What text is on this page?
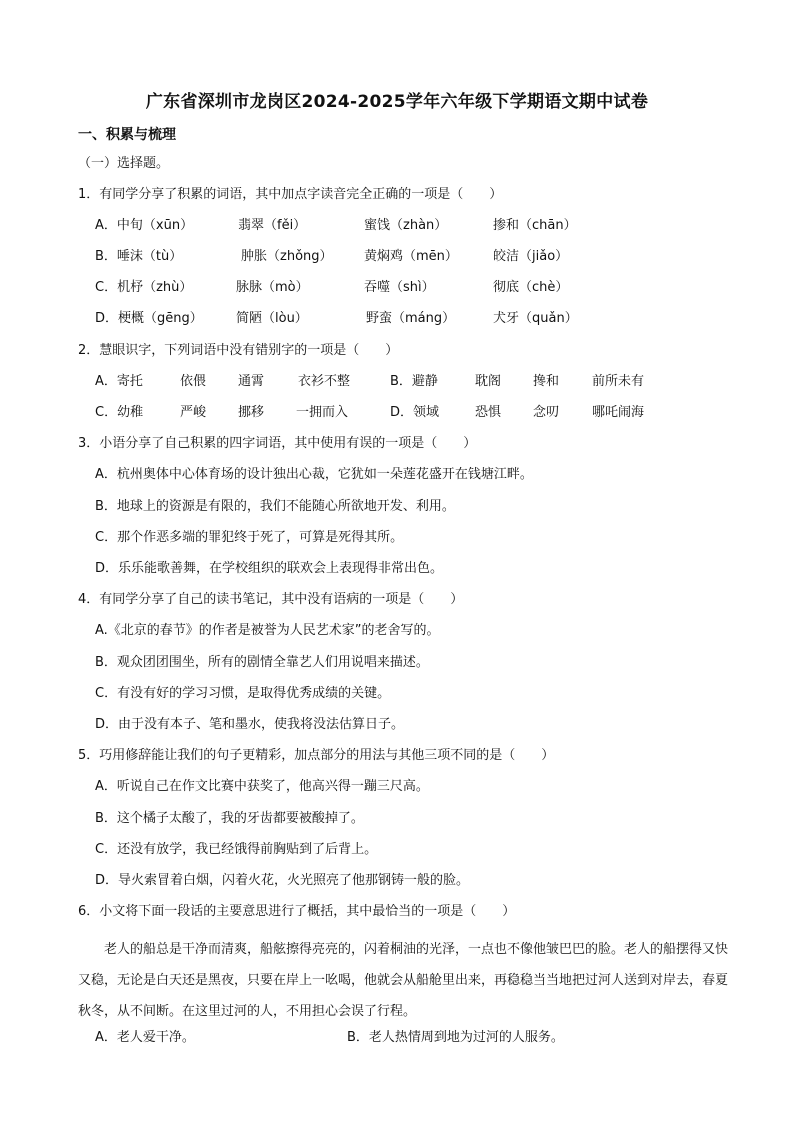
广东省深圳市龙岗区2024-2025学年六年级下学期语文期中试卷
一、积累与梳理
（一）选择题。
1．有同学分享了积累的词语，其中加点字读音完全正确的一项是（　　）
A．中旬（xūn）	翡翠（fěi）	蜜饯（zhàn）	掺和（chān）
B．唾沫（tù）	肿胀（zhǒng） 黄焖鸡（mēn）	皎洁（jiǎo）
C．机杼（zhù）	脉脉（mò）	吞噬（shì）	彻底（chè）
D．梗概（gēng）	简陋（lòu）	野蛮（máng）	犬牙（quǎn）
2．慧眼识字，下列词语中没有错别字的一项是（　　）
A．寄托	依偎 通霄	衣衫不整	B．避静	耽阁 搀和	前所未有
C．幼稚	严峻 挪移 一拥而入	D．领域	恐惧 念叨	哪吒闹海
3．小语分享了自己积累的四字词语，其中使用有误的一项是（　　）
A．杭州奥体中心体育场的设计独出心裁，它犹如一朵莲花盛开在钱塘江畔。
B．地球上的资源是有限的，我们不能随心所欲地开发、利用。
C．那个作恶多端的罪犯终于死了，可算是死得其所。
D．乐乐能歌善舞，在学校组织的联欢会上表现得非常出色。
4．有同学分享了自己的读书笔记，其中没有语病的一项是（　　）
A.《北京的春节》的作者是被誉为人民艺术家”的老舍写的。
B．观众团团围坐，所有的剧情全靠艺人们用说唱来描述。
C．有没有好的学习习惯，是取得优秀成绩的关键。
D．由于没有本子、笔和墨水，使我将没法估算日子。
5．巧用修辞能让我们的句子更精彩，加点部分的用法与其他三项不同的是（　　）
A．听说自己在作文比赛中获奖了，他高兴得一蹦三尺高。
B．这个橘子太酸了，我的牙齿都要被酸掉了。
C．还没有放学，我已经饿得前胸贴到了后背上。
D．导火索冒着白烟，闪着火花，火光照亮了他那钢铸一般的脸。
6．小文将下面一段话的主要意思进行了概括，其中最恰当的一项是（　　）
老人的船总是干净而清爽，船舷擦得亮亮的，闪着桐油的光泽，一点也不像他皱巴巴的脸。老人的船摆得又快又稳，无论是白天还是黑夜，只要在岸上一吆喝，他就会从船舱里出来，再稳稳当当地把过河人送到对岸去，春夏秋冬，从不间断。在这里过河的人，不用担心会误了行程。
A．老人爱干净。	B．老人热情周到地为过河的人服务。
